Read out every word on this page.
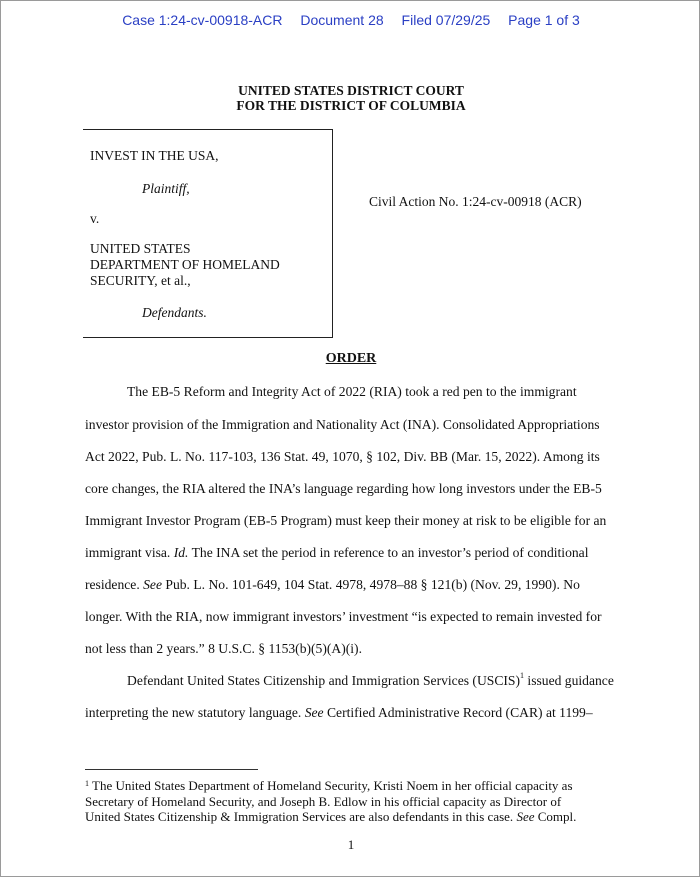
Case 1:24-cv-00918-ACR Document 28 Filed 07/29/25 Page 1 of 3
UNITED STATES DISTRICT COURT
FOR THE DISTRICT OF COLUMBIA
INVEST IN THE USA,
Plaintiff,
v.
UNITED STATES
DEPARTMENT OF HOMELAND
SECURITY, et al.,
Defendants.
Civil Action No. 1:24-cv-00918 (ACR)
ORDER
The EB-5 Reform and Integrity Act of 2022 (RIA) took a red pen to the immigrant
investor provision of the Immigration and Nationality Act (INA). Consolidated Appropriations
Act 2022, Pub. L. No. 117-103, 136 Stat. 49, 1070, § 102, Div. BB (Mar. 15, 2022). Among its
core changes, the RIA altered the INA’s language regarding how long investors under the EB-5
Immigrant Investor Program (EB-5 Program) must keep their money at risk to be eligible for an
immigrant visa. Id. The INA set the period in reference to an investor’s period of conditional
residence. See Pub. L. No. 101-649, 104 Stat. 4978, 4978–88 § 121(b) (Nov. 29, 1990). No
longer. With the RIA, now immigrant investors’ investment “is expected to remain invested for
not less than 2 years.” 8 U.S.C. § 1153(b)(5)(A)(i).
Defendant United States Citizenship and Immigration Services (USCIS)$^1$ issued guidance
interpreting the new statutory language. See Certified Administrative Record (CAR) at 1199–
$^1$ The United States Department of Homeland Security, Kristi Noem in her official capacity as
Secretary of Homeland Security, and Joseph B. Edlow in his official capacity as Director of
United States Citizenship & Immigration Services are also defendants in this case. See Compl.
1
